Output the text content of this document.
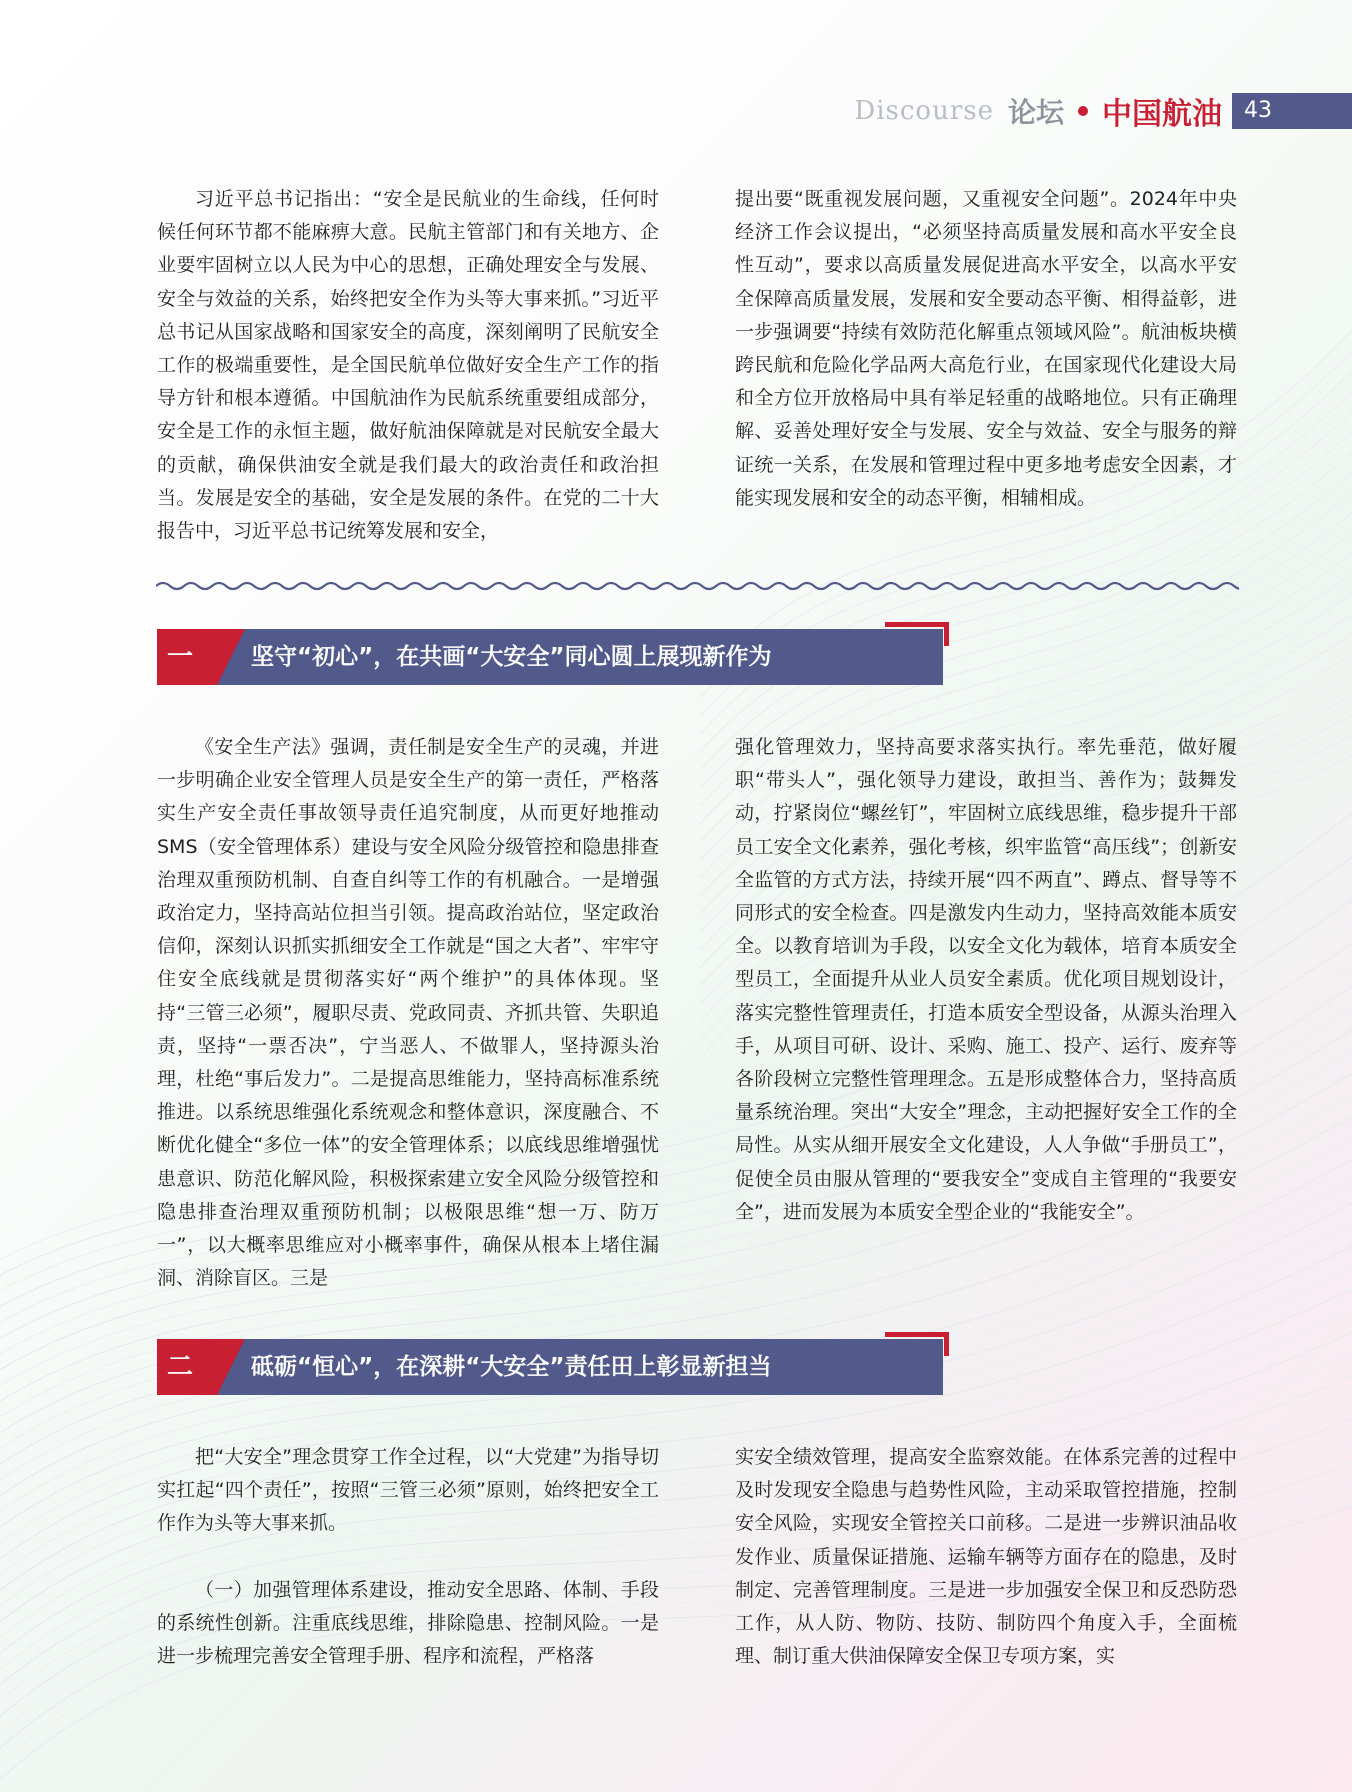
Discourse 论坛 中国航油	43

习近平总书记指出：“安全是民航业的生命线，任何时候任何环节都不能麻痹大意。民航主管部门和有关地方、企业要牢固树立以人民为中心的思想，正确处理安全与发展、安全与效益的关系，始终把安全作为头等大事来抓。”习近平总书记从国家战略和国家安全的高度，深刻阐明了民航安全工作的极端重要性，是全国民航单位做好安全生产工作的指导方针和根本遵循。中国航油作为民航系统重要组成部分，安全是工作的永恒主题，做好航油保障就是对民航安全最大的贡献，确保供油安全就是我们最大的政治责任和政治担当。发展是安全的基础，安全是发展的条件。在党的二十大报告中，习近平总书记统筹发展和安全，

提出要“既重视发展问题，又重视安全问题”。2024年中央经济工作会议提出，“必须坚持高质量发展和高水平安全良性互动”，要求以高质量发展促进高水平安全，以高水平安全保障高质量发展，发展和安全要动态平衡、相得益彰，进一步强调要“持续有效防范化解重点领域风险”。航油板块横跨民航和危险化学品两大高危行业，在国家现代化建设大局和全方位开放格局中具有举足轻重的战略地位。只有正确理解、妥善处理好安全与发展、安全与效益、安全与服务的辩证统一关系，在发展和管理过程中更多地考虑安全因素，才能实现发展和安全的动态平衡，相辅相成。

一	坚守“初心”，在共画“大安全”同心圆上展现新作为

《安全生产法》强调，责任制是安全生产的灵魂，并进一步明确企业安全管理人员是安全生产的第一责任，严格落实生产安全责任事故领导责任追究制度，从而更好地推动SMS（安全管理体系）建设与安全风险分级管控和隐患排查治理双重预防机制、自查自纠等工作的有机融合。一是增强政治定力，坚持高站位担当引领。提高政治站位，坚定政治信仰，深刻认识抓实抓细安全工作就是“国之大者”、牢牢守住安全底线就是贯彻落实好“两个维护”的具体体现。坚持“三管三必须”，履职尽责、党政同责、齐抓共管、失职追责，坚持“一票否决”，宁当恶人、不做罪人，坚持源头治理，杜绝“事后发力”。二是提高思维能力，坚持高标准系统推进。以系统思维强化系统观念和整体意识，深度融合、不断优化健全“多位一体”的安全管理体系；以底线思维增强忧患意识、防范化解风险，积极探索建立安全风险分级管控和隐患排查治理双重预防机制；以极限思维“想一万、防万一”，以大概率思维应对小概率事件，确保从根本上堵住漏洞、消除盲区。三是

强化管理效力，坚持高要求落实执行。率先垂范，做好履职“带头人”，强化领导力建设，敢担当、善作为；鼓舞发动，拧紧岗位“螺丝钉”，牢固树立底线思维，稳步提升干部员工安全文化素养，强化考核，织牢监管“高压线”；创新安全监管的方式方法，持续开展“四不两直”、蹲点、督导等不同形式的安全检查。四是激发内生动力，坚持高效能本质安全。以教育培训为手段，以安全文化为载体，培育本质安全型员工，全面提升从业人员安全素质。优化项目规划设计，落实完整性管理责任，打造本质安全型设备，从源头治理入手，从项目可研、设计、采购、施工、投产、运行、废弃等各阶段树立完整性管理理念。五是形成整体合力，坚持高质量系统治理。突出“大安全”理念，主动把握好安全工作的全局性。从实从细开展安全文化建设，人人争做“手册员工”，促使全员由服从管理的“要我安全”变成自主管理的“我要安全”，进而发展为本质安全型企业的“我能安全”。

二	砥砺“恒心”，在深耕“大安全”责任田上彰显新担当

把“大安全”理念贯穿工作全过程，以“大党建”为指导切实扛起“四个责任”，按照“三管三必须”原则，始终把安全工作作为头等大事来抓。

（一）加强管理体系建设，推动安全思路、体制、手段的系统性创新。注重底线思维，排除隐患、控制风险。一是进一步梳理完善安全管理手册、程序和流程，严格落

实安全绩效管理，提高安全监察效能。在体系完善的过程中及时发现安全隐患与趋势性风险，主动采取管控措施，控制安全风险，实现安全管控关口前移。二是进一步辨识油品收发作业、质量保证措施、运输车辆等方面存在的隐患，及时制定、完善管理制度。三是进一步加强安全保卫和反恐防恐工作，从人防、物防、技防、制防四个角度入手，全面梳理、制订重大供油保障安全保卫专项方案，实
